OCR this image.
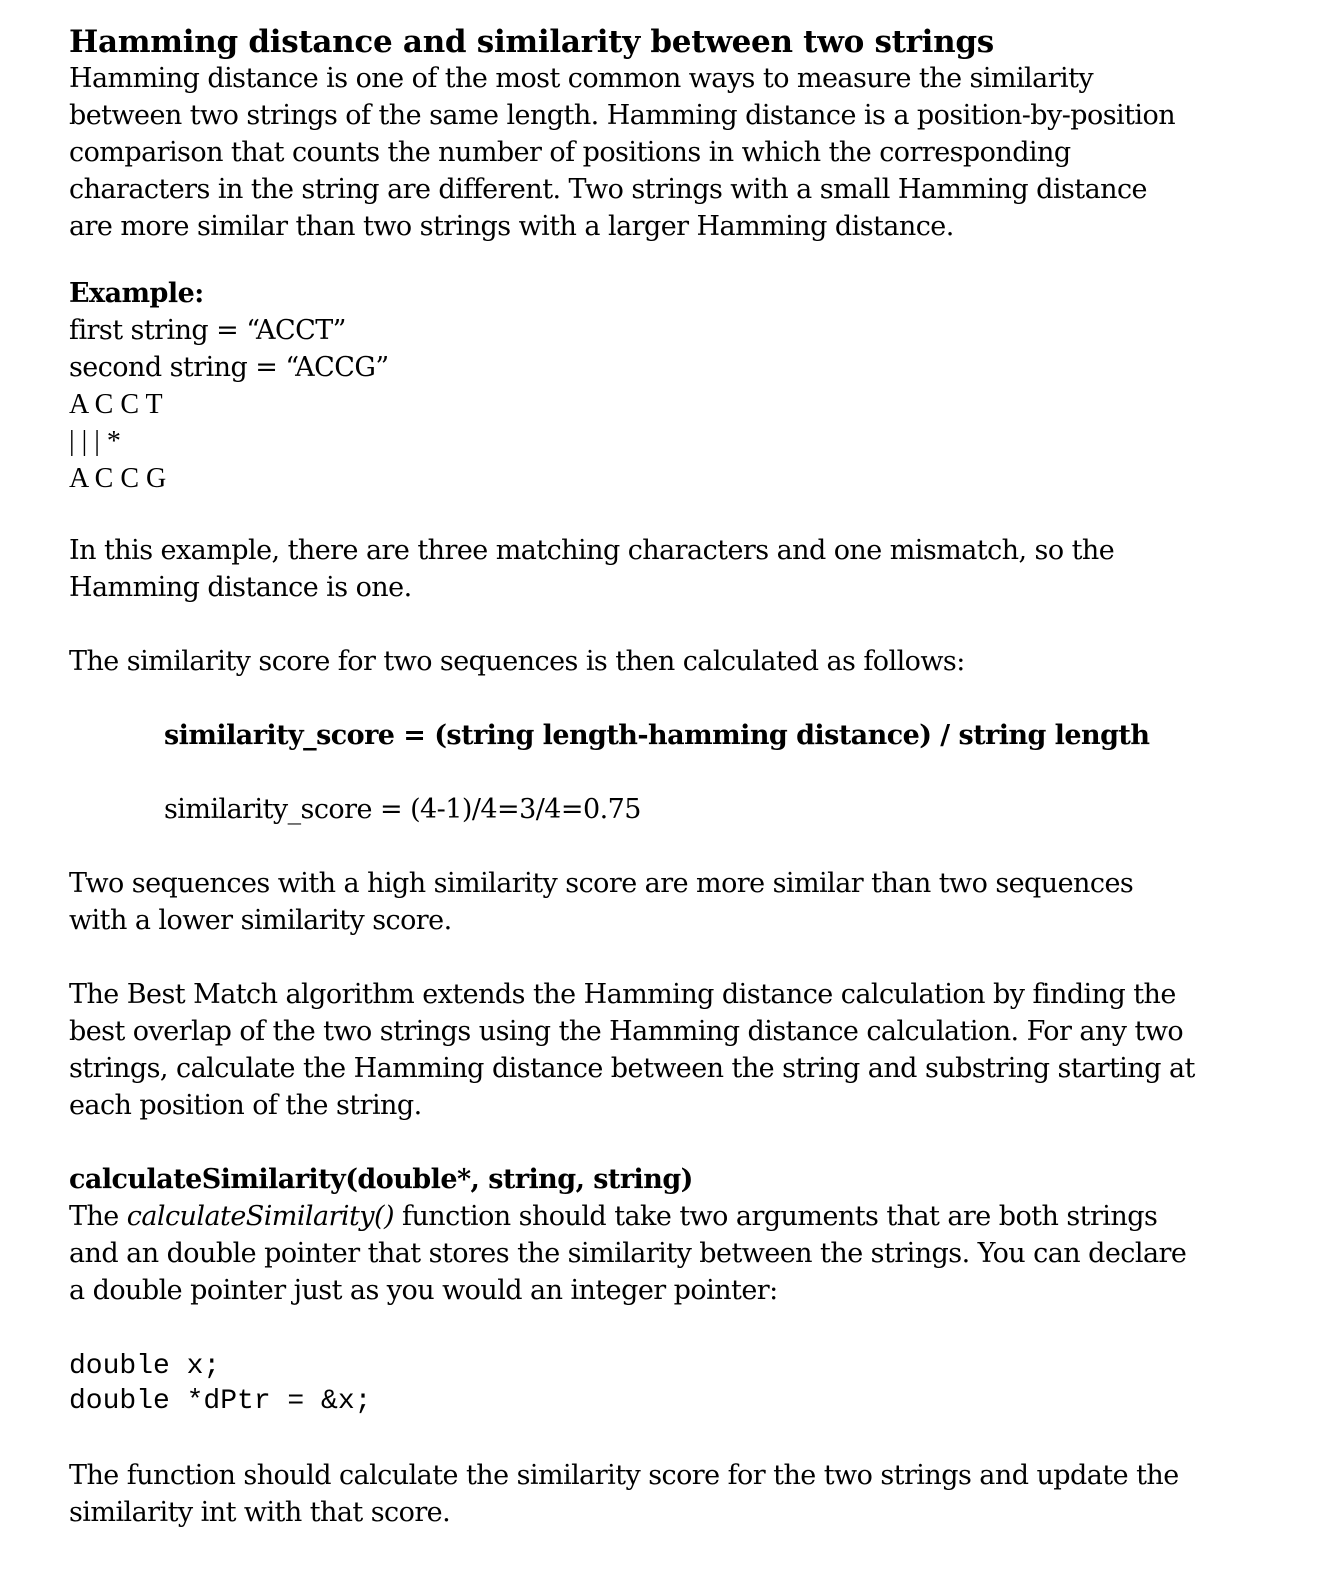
Hamming distance and similarity between two strings

Hamming distance is one of the most common ways to measure the similarity
between two strings of the same length. Hamming distance is a position-by-position
comparison that counts the number of positions in which the corresponding
characters in the string are different. Two strings with a small Hamming distance
are more similar than two strings with a larger Hamming distance.

Example:

first string = “ACCT”

second string = “ACCG”

A C C T

| | | *

A C C G

In this example, there are three matching characters and one mismatch, so the
Hamming distance is one.

The similarity score for two sequences is then calculated as follows:

similarity_score = (string length-hamming distance) / string length

similarity_score = (4-1)/4=3/4=0.75

Two sequences with a high similarity score are more similar than two sequences
with a lower similarity score.

The Best Match algorithm extends the Hamming distance calculation by finding the
best overlap of the two strings using the Hamming distance calculation. For any two
strings, calculate the Hamming distance between the string and substring starting at
each position of the string.

calculateSimilarity(double*, string, string)

The calculateSimilarity() function should take two arguments that are both strings
and an double pointer that stores the similarity between the strings. You can declare
a double pointer just as you would an integer pointer:

double x;

double *dPtr = &x;

The function should calculate the similarity score for the two strings and update the
similarity int with that score.
